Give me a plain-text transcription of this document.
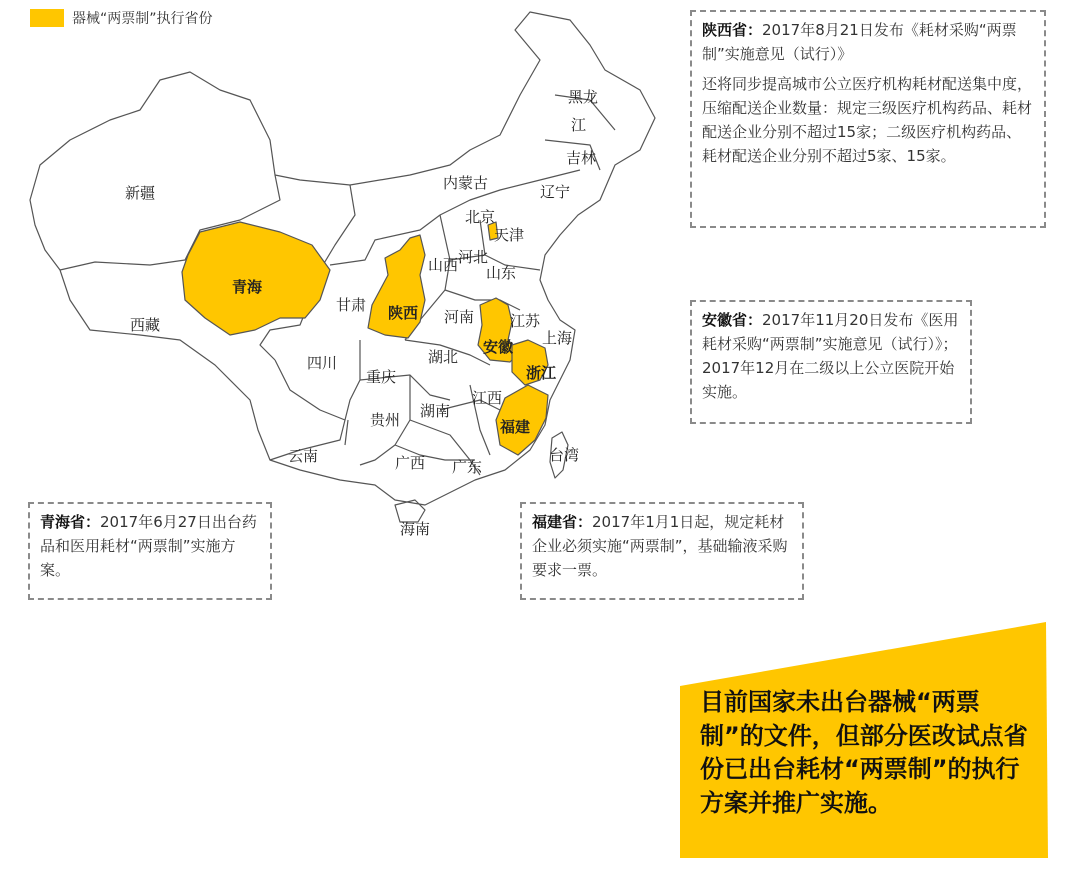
器械“两票制”执行省份
黑龙
江
吉林
辽宁
内蒙古
北京
天津
河北
山西 山东
新疆
青海
甘肃 陕西 河南 江苏
上海
安徽
浙江
西藏
四川
重庆
湖北
江西
贵州 湖南
福建
台湾
云南	广西 广东
海南

陕西省：2017年8月21日发布《耗材采购“两票制”实施意见（试行）》

还将同步提高城市公立医疗机构耗材配送集中度，压缩配送企业数量：规定三级医疗机构药品、耗材配送企业分别不超过15家；二级医疗机构药品、耗材配送企业分别不超过5家、15家。

安徽省：2017年11月20日发布《医用耗材采购“两票制”实施意见（试行）》；2017年12月在二级以上公立医院开始实施。

青海省：2017年6月27日出台药品和医用耗材“两票制”实施方案。

福建省：2017年1月1日起，规定耗材企业必须实施“两票制”，基础输液采购要求一票。

目前国家未出台器械“两票制”的文件，但部分医改试点省份已出台耗材“两票制”的执行方案并推广实施。
